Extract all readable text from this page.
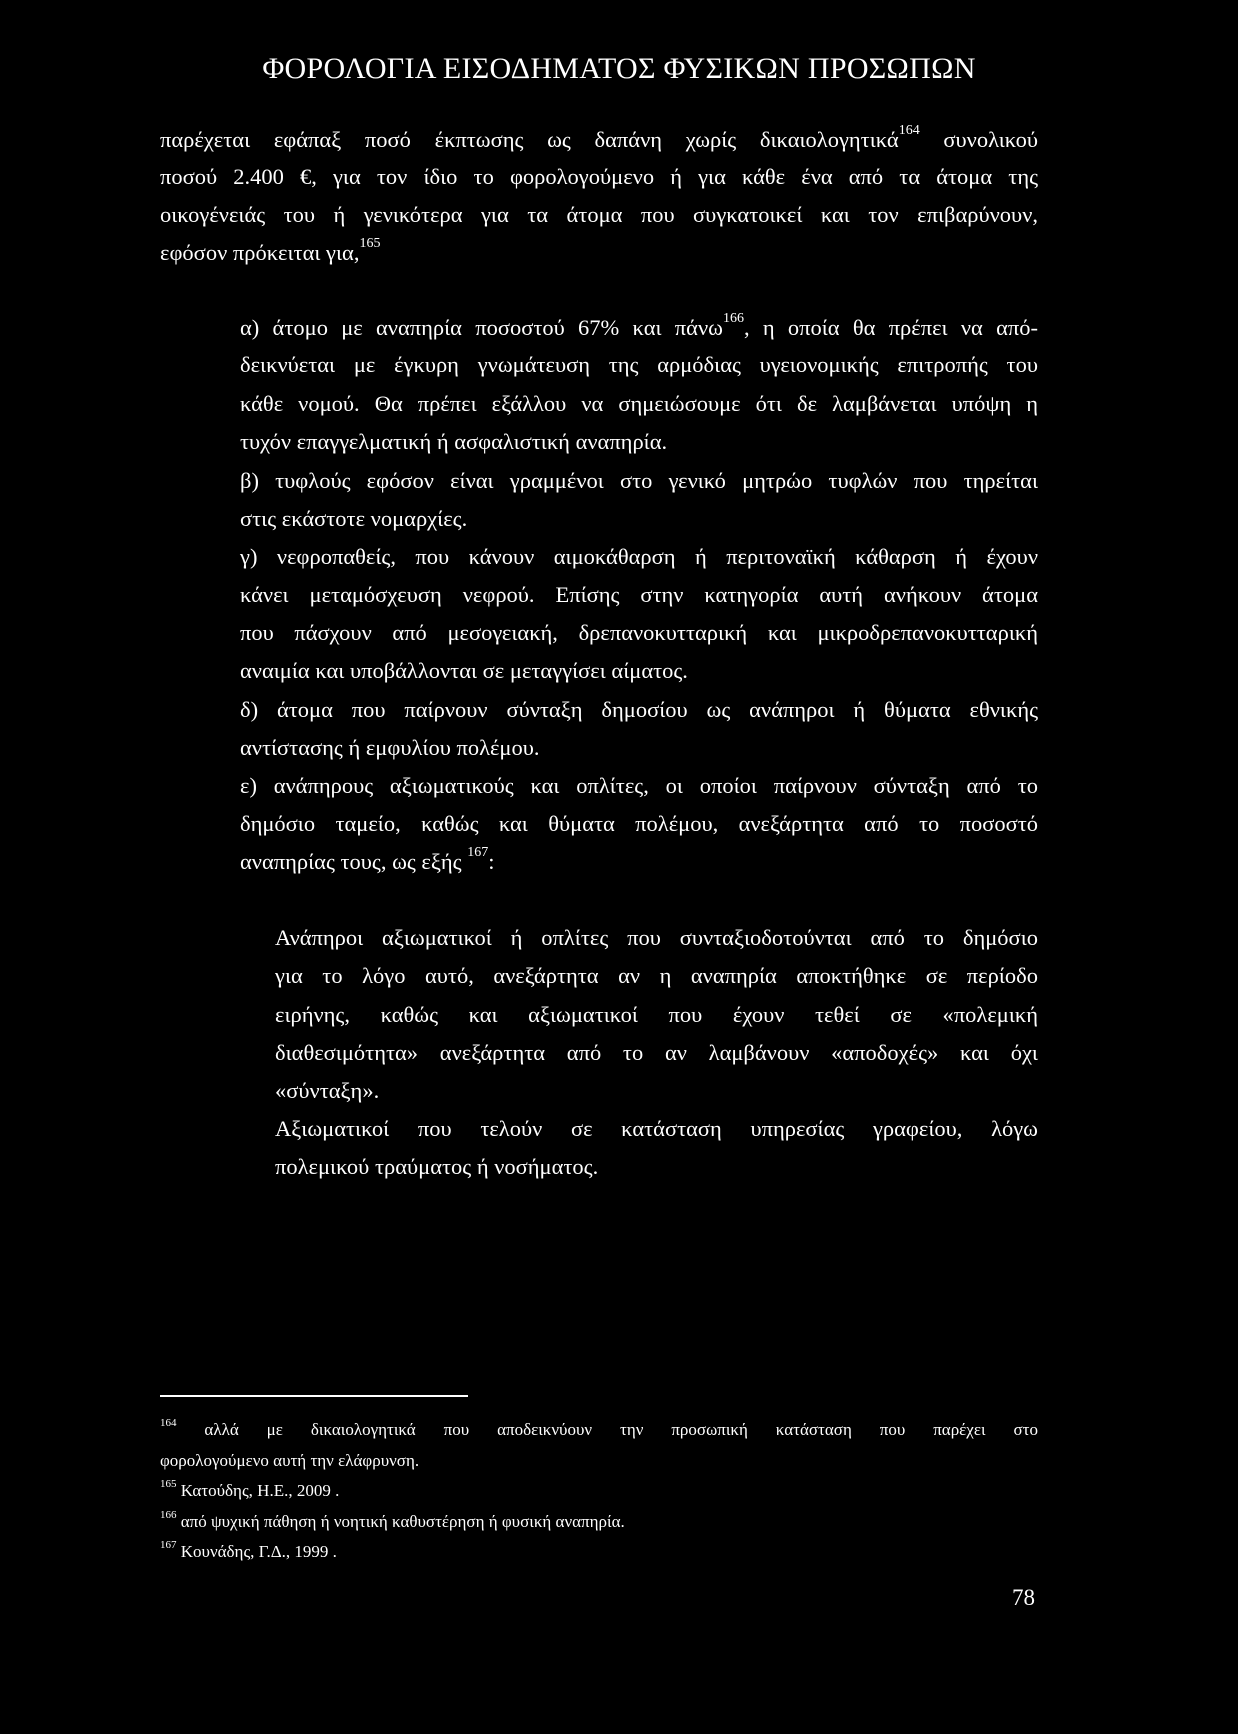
ΦΟΡΟΛΟΓΙΑ ΕΙΣΟΔΗΜΑΤΟΣ ΦΥΣΙΚΩΝ ΠΡΟΣΩΠΩΝ
παρέχεται εφάπαξ ποσό έκπτωσης ως δαπάνη χωρίς δικαιολογητικά$^{164}$ συνολικού
ποσού 2.400 €, για τον ίδιο το φορολογούμενο ή για κάθε ένα από τα άτομα της
οικογένειάς του ή γενικότερα για τα άτομα που συγκατοικεί και τον επιβαρύνουν,
εφόσον πρόκειται για,$^{165}$
α) άτομο με αναπηρία ποσοστού 67% και πάνω$^{166}$, η οποία θα πρέπει να από-
δεικνύεται με έγκυρη γνωμάτευση της αρμόδιας υγειονομικής επιτροπής του
κάθε νομού. Θα πρέπει εξάλλου να σημειώσουμε ότι δε λαμβάνεται υπόψη η
τυχόν επαγγελματική ή ασφαλιστική αναπηρία.
β) τυφλούς εφόσον είναι γραμμένοι στο γενικό μητρώο τυφλών που τηρείται
στις εκάστοτε νομαρχίες.
γ) νεφροπαθείς, που κάνουν αιμοκάθαρση ή περιτοναϊκή κάθαρση ή έχουν
κάνει μεταμόσχευση νεφρού. Επίσης στην κατηγορία αυτή ανήκουν άτομα
που πάσχουν από μεσογειακή, δρεπανοκυτταρική και μικροδρεπανοκυτταρική
αναιμία και υποβάλλονται σε μεταγγίσει αίματος.
δ) άτομα που παίρνουν σύνταξη δημοσίου ως ανάπηροι ή θύματα εθνικής
αντίστασης ή εμφυλίου πολέμου.
ε) ανάπηρους αξιωματικούς και οπλίτες, οι οποίοι παίρνουν σύνταξη από το
δημόσιο ταμείο, καθώς και θύματα πολέμου, ανεξάρτητα από το ποσοστό
αναπηρίας τους, ως εξής $^{167}$:
Ανάπηροι αξιωματικοί ή οπλίτες που συνταξιοδοτούνται από το δημόσιο
για το λόγο αυτό, ανεξάρτητα αν η αναπηρία αποκτήθηκε σε περίοδο
ειρήνης, καθώς και αξιωματικοί που έχουν τεθεί σε «πολεμική
διαθεσιμότητα» ανεξάρτητα από το αν λαμβάνουν «αποδοχές» και όχι
«σύνταξη».
Αξιωματικοί που τελούν σε κατάσταση υπηρεσίας γραφείου, λόγω
πολεμικού τραύματος ή νοσήματος.
$^{164}$ αλλά με δικαιολογητικά που αποδεικνύουν την προσωπική κατάσταση που παρέχει στο
φορολογούμενο αυτή την ελάφρυνση.
$^{165}$ Κατούδης, Η.Ε., 2009 .
$^{166}$ από ψυχική πάθηση ή νοητική καθυστέρηση ή φυσική αναπηρία.
$^{167}$ Κουνάδης, Γ.Δ., 1999 .
78
